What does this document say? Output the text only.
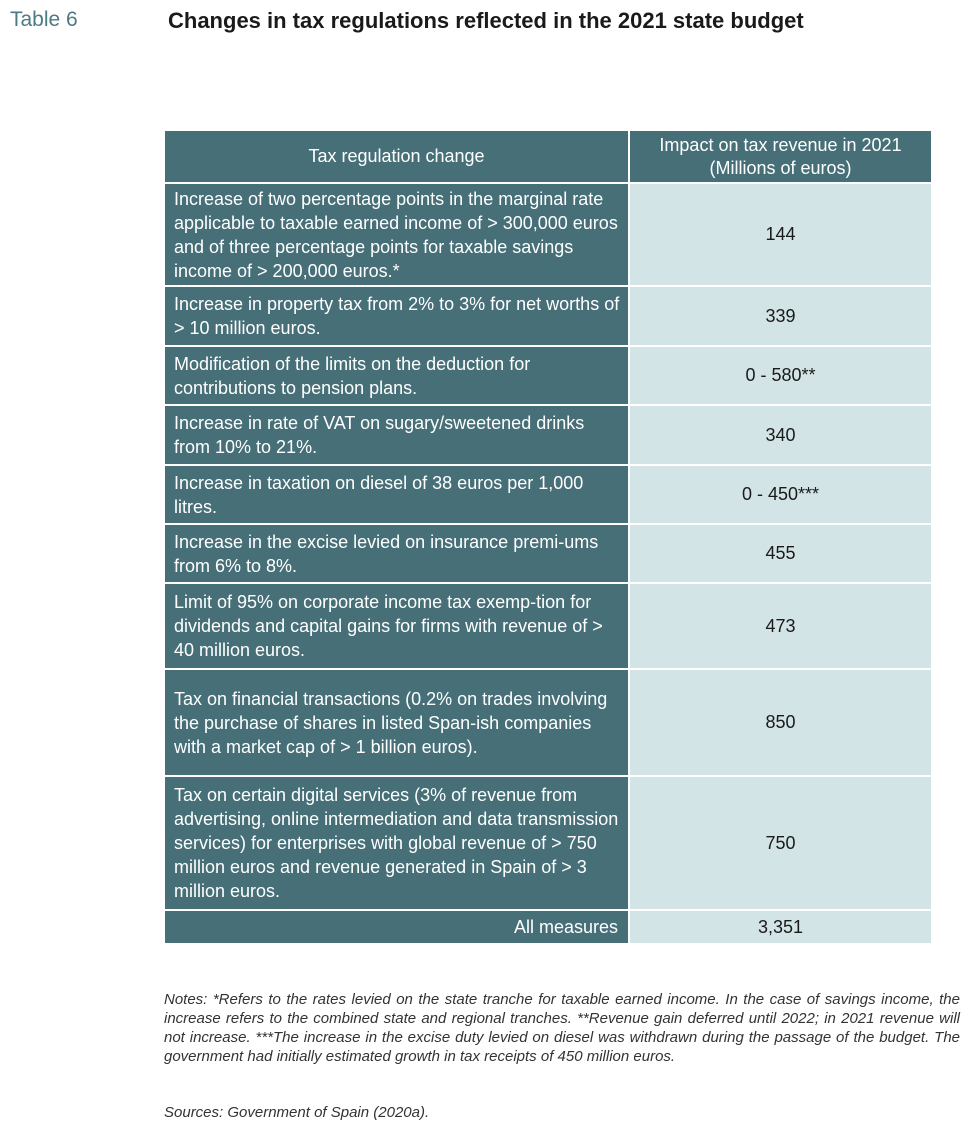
Table 6	Changes in tax regulations reflected in the 2021 state budget
Tax regulation change	Impact on tax revenue in 2021 (Millions of euros)
Increase of two percentage points in the marginal rate applicable to taxable earned income of > 300,000 euros and of three percentage points for taxable savings income of > 200,000 euros.*	144
Increase in property tax from 2% to 3% for net worths of > 10 million euros.	339
Modification of the limits on the deduction for contributions to pension plans.	0 - 580**
Increase in rate of VAT on sugary/sweetened drinks from 10% to 21%.	340
Increase in taxation on diesel of 38 euros per 1,000 litres.	0 - 450***
Increase in the excise levied on insurance premi-ums from 6% to 8%.	455
Limit of 95% on corporate income tax exemp-tion for dividends and capital gains for firms with revenue of > 40 million euros.	473
Tax on financial transactions (0.2% on trades involving the purchase of shares in listed Span-ish companies with a market cap of > 1 billion euros).	850
Tax on certain digital services (3% of revenue from advertising, online intermediation and data transmission services) for enterprises with global revenue of > 750 million euros and revenue generated in Spain of > 3 million euros.	750
All measures	3,351
Notes: *Refers to the rates levied on the state tranche for taxable earned income. In the case of savings income, the increase refers to the combined state and regional tranches. **Revenue gain deferred until 2022; in 2021 revenue will not increase. ***The increase in the excise duty levied on diesel was withdrawn during the passage of the budget. The government had initially estimated growth in tax receipts of 450 million euros.
Sources: Government of Spain (2020a).
